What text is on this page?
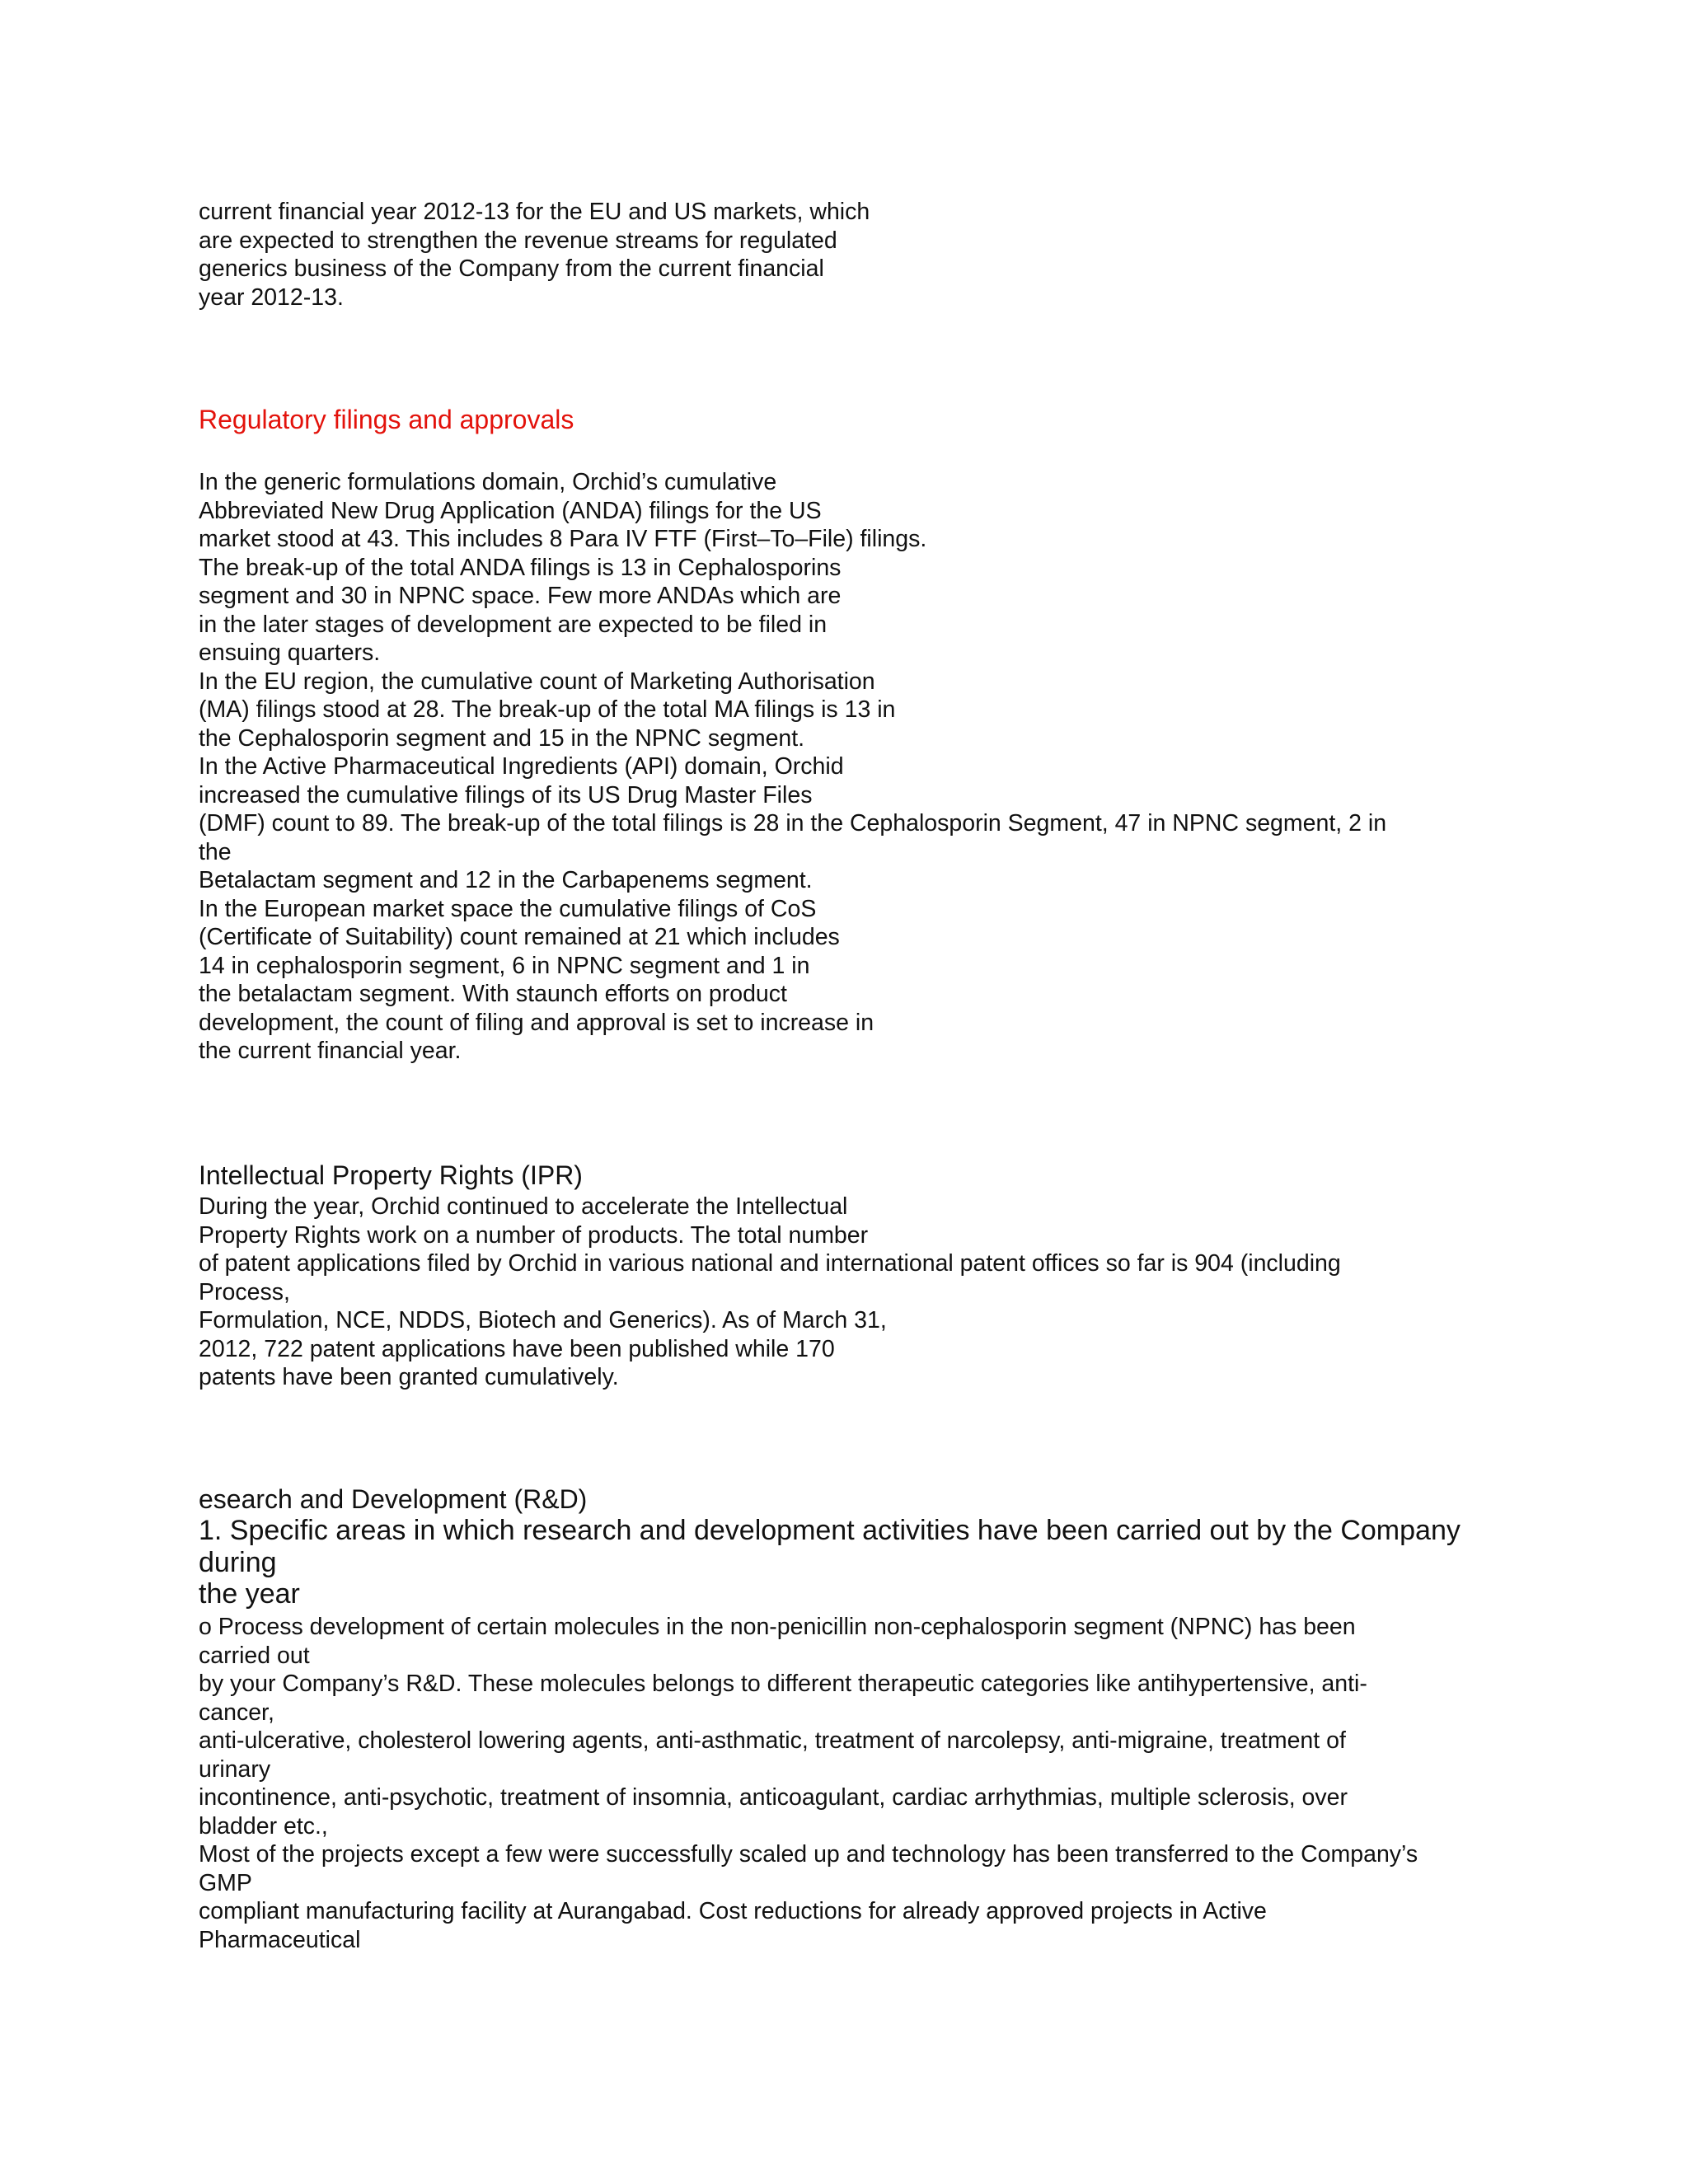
current financial year 2012-13 for the EU and US markets, which
are expected to strengthen the revenue streams for regulated
generics business of the Company from the current financial
year 2012-13.
Regulatory filings and approvals
In the generic formulations domain, Orchid’s cumulative
Abbreviated New Drug Application (ANDA) filings for the US
market stood at 43. This includes 8 Para IV FTF (First–To–File) filings.
The break-up of the total ANDA filings is 13 in Cephalosporins
segment and 30 in NPNC space. Few more ANDAs which are
in the later stages of development are expected to be filed in
ensuing quarters.
In the EU region, the cumulative count of Marketing Authorisation
(MA) filings stood at 28. The break-up of the total MA filings is 13 in
the Cephalosporin segment and 15 in the NPNC segment.
In the Active Pharmaceutical Ingredients (API) domain, Orchid
increased the cumulative filings of its US Drug Master Files
(DMF) count to 89. The break-up of the total filings is 28 in the Cephalosporin Segment, 47 in NPNC segment, 2 in
the
Betalactam segment and 12 in the Carbapenems segment.
In the European market space the cumulative filings of CoS
(Certificate of Suitability) count remained at 21 which includes
14 in cephalosporin segment, 6 in NPNC segment and 1 in
the betalactam segment. With staunch efforts on product
development, the count of filing and approval is set to increase in
the current financial year.
Intellectual Property Rights (IPR)
During the year, Orchid continued to accelerate the Intellectual
Property Rights work on a number of products. The total number
of patent applications filed by Orchid in various national and international patent offices so far is 904 (including
Process,
Formulation, NCE, NDDS, Biotech and Generics). As of March 31,
2012, 722 patent applications have been published while 170
patents have been granted cumulatively.
esearch and Development (R&D)
1. Specific areas in which research and development activities have been carried out by the Company
during
the year
o Process development of certain molecules in the non-penicillin non-cephalosporin segment (NPNC) has been
carried out
by your Company’s R&D. These molecules belongs to different therapeutic categories like antihypertensive, anti-
cancer,
anti-ulcerative, cholesterol lowering agents, anti-asthmatic, treatment of narcolepsy, anti-migraine, treatment of
urinary
incontinence, anti-psychotic, treatment of insomnia, anticoagulant, cardiac arrhythmias, multiple sclerosis, over
bladder etc.,
Most of the projects except a few were successfully scaled up and technology has been transferred to the Company’s
GMP
compliant manufacturing facility at Aurangabad. Cost reductions for already approved projects in Active
Pharmaceutical
